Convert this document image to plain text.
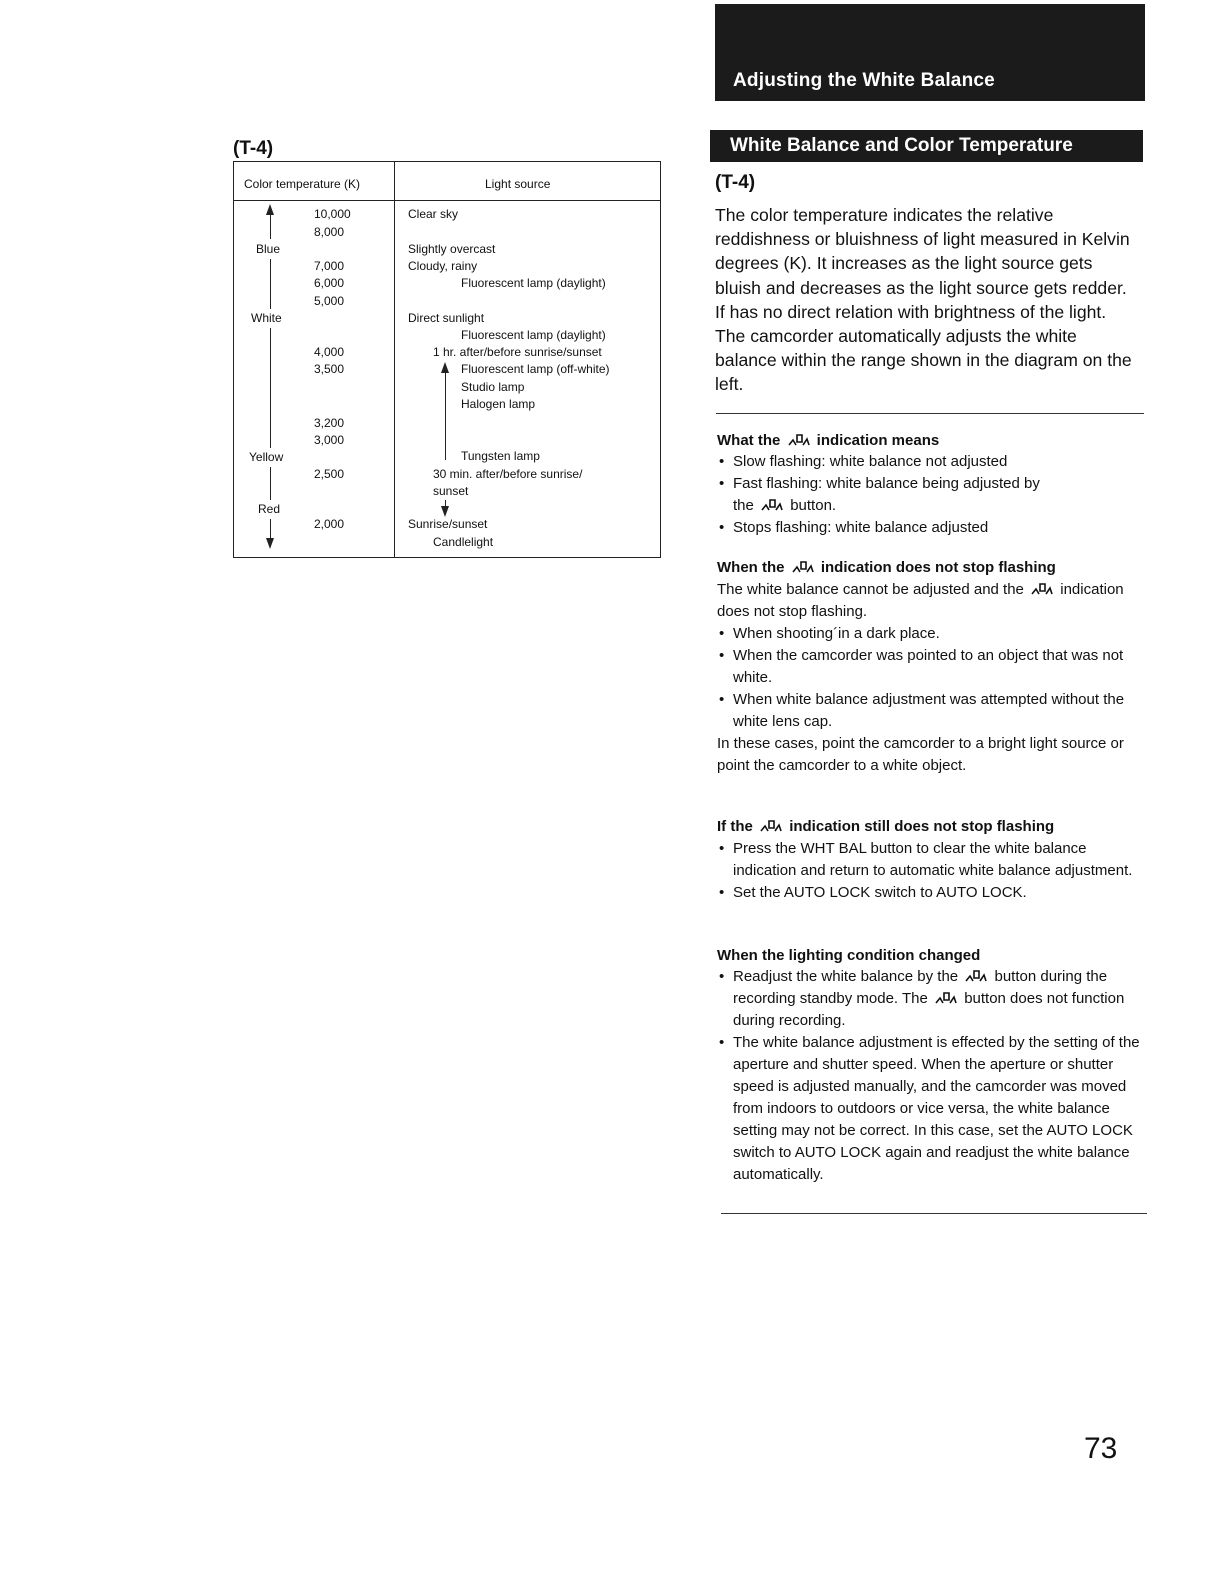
Adjusting the White Balance
White Balance and Color Temperature
(T-4)
Color temperature (K)	Light source
Blue
White
Yellow
Red
10,000
8,000
7,000
6,000
5,000
4,000
3,500
3,200
3,000
2,500
2,000
Clear sky
Slightly overcast
Cloudy, rainy
Fluorescent lamp (daylight)
Direct sunlight
Fluorescent lamp (daylight)
1 hr. after/before sunrise/sunset
Fluorescent lamp (off-white)
Studio lamp
Halogen lamp
Tungsten lamp
30 min. after/before sunrise/
sunset
Sunrise/sunset
Candlelight
(T-4)
The color temperature indicates the relative reddishness or bluishness of light measured in Kelvin degrees (K). It increases as the light source gets bluish and decreases as the light source gets redder. If has no direct relation with brightness of the light. The camcorder automatically adjusts the white balance within the range shown in the diagram on the left.
What the indication means
• Slow flashing: white balance not adjusted
• Fast flashing: white balance being adjusted by
the button.
• Stops flashing: white balance adjusted
When the indication does not stop flashing
The white balance cannot be adjusted and the indication does not stop flashing.
• When shooting´in a dark place.
• When the camcorder was pointed to an object that was not white.
• When white balance adjustment was attempted without the white lens cap.
In these cases, point the camcorder to a bright light source or point the camcorder to a white object.
If the indication still does not stop flashing
• Press the WHT BAL button to clear the white balance indication and return to automatic white balance adjustment.
• Set the AUTO LOCK switch to AUTO LOCK.
When the lighting condition changed
• Readjust the white balance by the button during the recording standby mode. The button does not function during recording.
• The white balance adjustment is effected by the setting of the aperture and shutter speed. When the aperture or shutter speed is adjusted manually, and the camcorder was moved from indoors to outdoors or vice versa, the white balance setting may not be correct. In this case, set the AUTO LOCK switch to AUTO LOCK again and readjust the white balance automatically.
73
